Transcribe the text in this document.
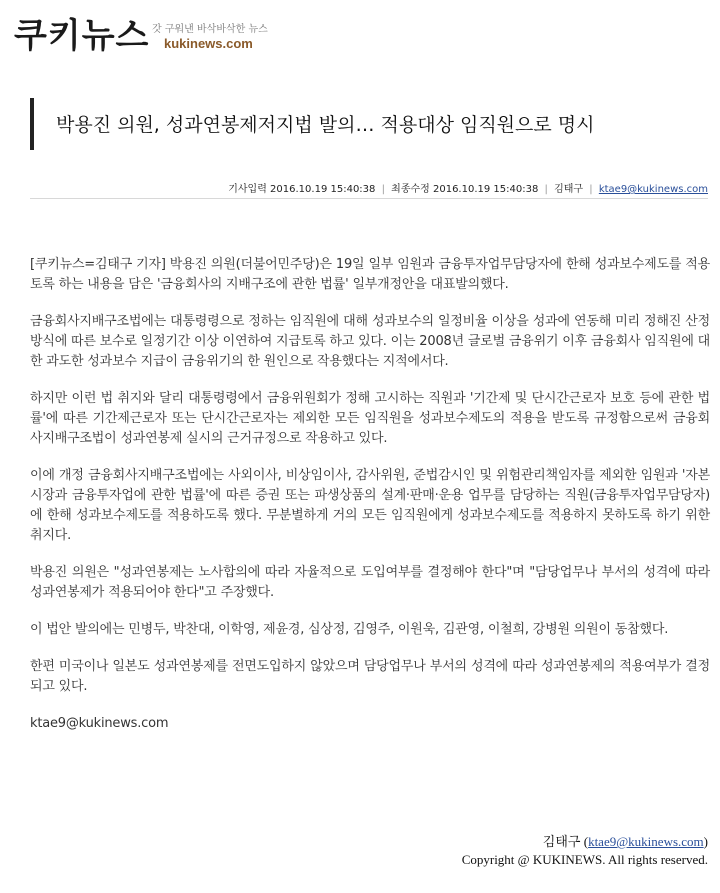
쿠키뉴스 갓 구워낸 바삭바삭한 뉴스
kukinews.com
박용진 의원, 성과연봉제저지법 발의… 적용대상 임직원으로 명시
기사입력 2016.10.19 15:40:38 | 최종수정 2016.10.19 15:40:38 | 김태구 | ktae9@kukinews.com

[쿠키뉴스=김태구 기자] 박용진 의원(더불어민주당)은 19일 일부 임원과 금융투자업무담당자에 한해 성과보수제도를 적용토록 하는 내용을 담은 '금융회사의 지배구조에 관한 법률' 일부개정안을 대표발의했다.

금융회사지배구조법에는 대통령령으로 정하는 임직원에 대해 성과보수의 일정비율 이상을 성과에 연동해 미리 정해진 산정방식에 따른 보수로 일정기간 이상 이연하여 지급토록 하고 있다. 이는 2008년 글로벌 금융위기 이후 금융회사 임직원에 대한 과도한 성과보수 지급이 금융위기의 한 원인으로 작용했다는 지적에서다.

하지만 이런 법 취지와 달리 대통령령에서 금융위원회가 정해 고시하는 직원과 '기간제 및 단시간근로자 보호 등에 관한 법률'에 따른 기간제근로자 또는 단시간근로자는 제외한 모든 임직원을 성과보수제도의 적용을 받도록 규정함으로써 금융회사지배구조법이 성과연봉제 실시의 근거규정으로 작용하고 있다.

이에 개정 금융회사지배구조법에는 사외이사, 비상임이사, 감사위원, 준법감시인 및 위험관리책임자를 제외한 임원과 '자본시장과 금융투자업에 관한 법률'에 따른 증권 또는 파생상품의 설계·판매·운용 업무를 담당하는 직원(금융투자업무담당자)에 한해 성과보수제도를 적용하도록 했다. 무분별하게 거의 모든 임직원에게 성과보수제도를 적용하지 못하도록 하기 위한 취지다.

박용진 의원은 "성과연봉제는 노사합의에 따라 자율적으로 도입여부를 결정해야 한다"며 "담당업무나 부서의 성격에 따라 성과연봉제가 적용되어야 한다"고 주장했다.

이 법안 발의에는 민병두, 박찬대, 이학영, 제윤경, 심상정, 김영주, 이원욱, 김관영, 이철희, 강병원 의원이 동참했다.

한편 미국이나 일본도 성과연봉제를 전면도입하지 않았으며 담당업무나 부서의 성격에 따라 성과연봉제의 적용여부가 결정되고 있다.

ktae9@kukinews.com

김태구 (ktae9@kukinews.com)
Copyright @ KUKINEWS. All rights reserved.
